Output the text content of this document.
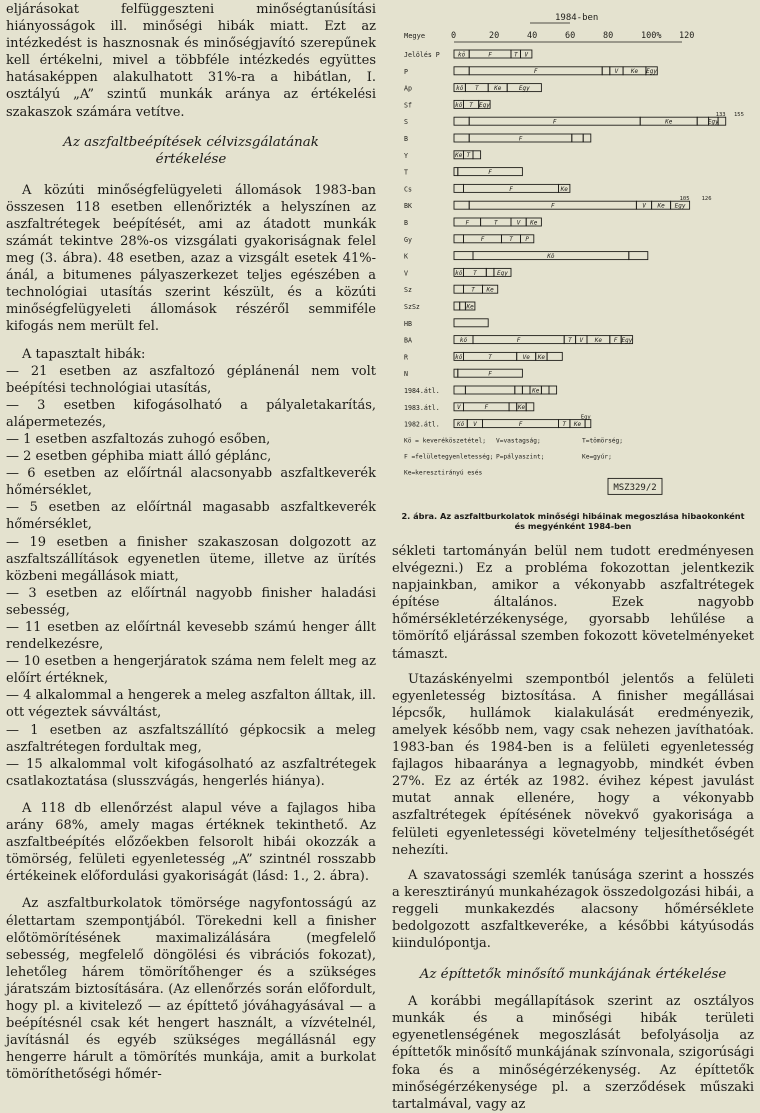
eljárásokat felfüggeszteni minőségtanúsítási hiányosságok ill. minőségi hibák miatt. Ezt az intézkedést is hasznosnak és minőségjavító szerepűnek kell értékelni, mivel a többféle intézkedés együttes hatásaképpen alakulhatott 31%-ra a hibátlan, I. osztályú „A” szintű munkák aránya az értékelési szakaszok számára vetítve.

Az aszfaltbeépítések célvizsgálatának értékelése

A közúti minőségfelügyeleti állomások 1983-ban összesen 118 esetben ellenőrizték a helyszínen az aszfaltrétegek beépítését, ami az átadott munkák számát tekintve 28%-os vizsgálati gyakoriságnak felel meg (3. ábra). 48 esetben, azaz a vizsgált esetek 41%-ánál, a bitumenes pályaszerkezet teljes egészében a technológiai utasítás szerint készült, és a közúti minőségfelügyeleti állomások részéről semmiféle kifogás nem merült fel.

A tapasztalt hibák:

— 21 esetben az aszfaltozó géplánenál nem volt beépítési technológiai utasítás,
— 3 esetben kifogásolható a pályaletakarítás, alápermetezés,
— 1 esetben aszfaltozás zuhogó esőben,
— 2 esetben géphiba miatt álló géplánc,
— 6 esetben az előírtnál alacsonyabb aszfaltkeverék hőmérséklet,
— 5 esetben az előírtnál magasabb aszfaltkeverék hőmérséklet,
— 19 esetben a finisher szakaszosan dolgozott az aszfaltszállítások egyenetlen üteme, illetve az ürítés közbeni megállások miatt,
— 3 esetben az előírtnál nagyobb finisher haladási sebesség,
— 11 esetben az előírtnál kevesebb számú henger állt rendelkezésre,
— 10 esetben a hengerjáratok száma nem felelt meg az előírt értéknek,
— 4 alkalommal a hengerek a meleg aszfalton álltak, ill. ott végeztek sávváltást,
— 1 esetben az aszfaltszállító gépkocsik a meleg aszfaltrétegen fordultak meg,
— 15 alkalommal volt kifogásolható az aszfaltrétegek csatlakoztatása (slusszvágás, hengerlés hiánya).

A 118 db ellenőrzést alapul véve a fajlagos hiba arány 68%, amely magas értéknek tekinthető. Az aszfaltbeépítés előzőekben felsorolt hibái okozzák a tömörség, felületi egyenletesség „A” szintnél rosszabb értékeinek előfordulási gyakoriságát (lásd: 1., 2. ábra).

Az aszfaltburkolatok tömörsége nagyfontosságú az élettartam szempontjából. Törekedni kell a finisher előtömörítésének maximalizálására (megfelelő sebesség, megfelelő döngölési és vibrációs fokozat), lehetőleg hárem tömörítőhenger és a szükséges járatszám biztosítására. (Az ellenőrzés során előfordult, hogy pl. a kivitelező — az építtető jóváhagyásával — a beépítésnél csak két hengert használt, a vízvételnél, javításnál és egyéb szükséges megállásnál egy hengerre hárult a tömörítés munkája, amit a burkolat tömöríthetőségi hőmér-

1984-ben
Megye	0	20	40	60	80	100% 120
Jelölés P	kö	F	T V
P	F	V Ke Egy
Ap	kö T	Ke	Egy
Sf	kö T Egy
S	F	Ke	Egy
133 155
B	F
Y	Ke T
T	F
Cs	F	Ke
BK	F	V Ke Egy
105 126
B	F	T	V Ke
Gy	F	T P
K	Kö
V	kö T	Egy
Sz	T Ke
SzSz	Ke
HB
BA	kö	F	T V Ke F Egy
R	kö	T	Ve Ke
N	F
1984.átl.	Ke
1983.átl.	V	F	Ke
1982.átl.	Kö V	F	T Ke
Egy
Kö = keveréköszetétel; V=vastagság;	T=tömörség;
F =felületegyenletesség; P=pályaszint;	Ke=gyúr;
Ke=keresztirányú esés
MSZ329/2
2. ábra. Az aszfaltburkolatok minőségi hibáinak megoszlása hibaokonként és megyénként 1984-ben

sékleti tartományán belül nem tudott eredményesen elvégezni.) Ez a probléma fokozottan jelentkezik napjainkban, amikor a vékonyabb aszfaltrétegek építése általános. Ezek nagyobb hőmérsékletérzékenysége, gyorsabb lehűlése a tömörítő eljárással szemben fokozott követelményeket támaszt.

Utazáskényelmi szempontból jelentős a felületi egyenletesség biztosítása. A finisher megállásai lépcsők, hullámok kialakulását eredményezik, amelyek később nem, vagy csak nehezen javíthatóak. 1983-ban és 1984-ben is a felületi egyenletesség fajlagos hibaaránya a legnagyobb, mindkét évben 27%. Ez az érték az 1982. évihez képest javulást mutat annak ellenére, hogy a vékonyabb aszfaltrétegek építésének növekvő gyakorisága a felületi egyenletességi követelmény teljesíthetőségét nehezíti.

A szavatossági szemlék tanúsága szerint a hosszés a keresztirányú munkahézagok összedolgozási hibái, a reggeli munkakezdés alacsony hőmérséklete bedolgozott aszfaltkeveréke, a későbbi kátyúsodás kiindulópontja.

Az építtetők minősítő munkájának értékelése

A korábbi megállapítások szerint az osztályos munkák és a minőségi hibák területi egyenetlenségének megoszlását befolyásolja az építtetők minősítő munkájának színvonala, szigorúsági foka és a minőségérzékenység. Az építtetők minőségérzékenysége pl. a szerződések műszaki tartalmával, vagy az
